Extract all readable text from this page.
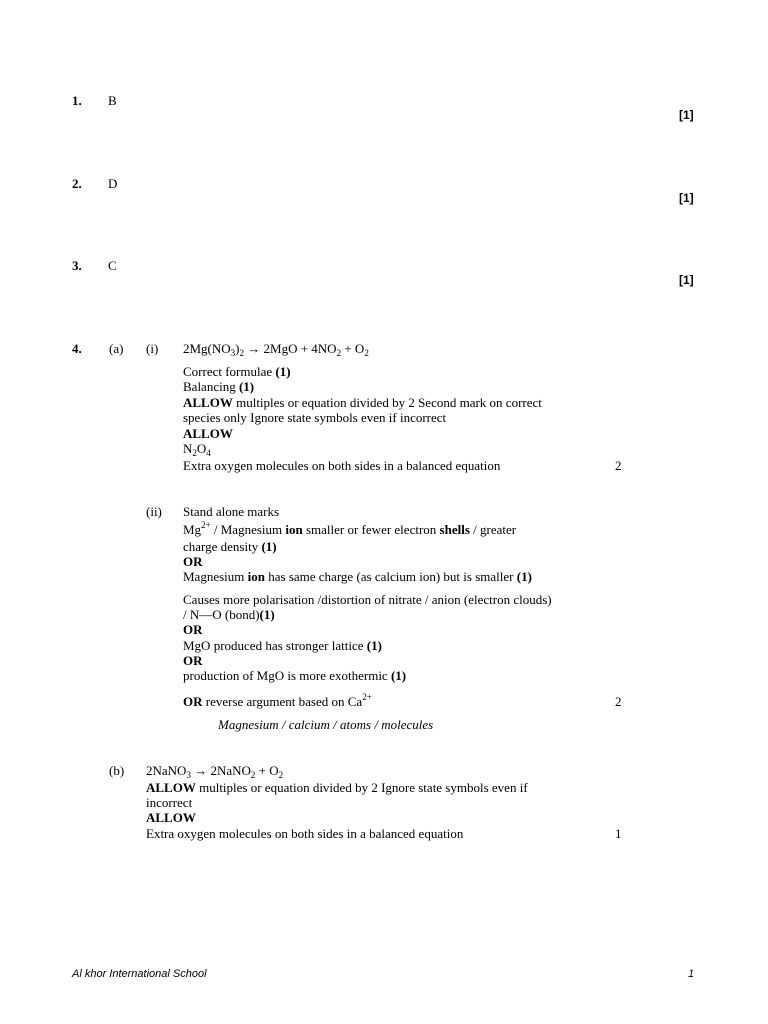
1. B
[1]
2. D
[1]
3. C
[1]
4. (a) (i) $2Mg(NO_3)_2 \to 2MgO + 4NO_2 + O_2$
Correct formulae (1)
Balancing (1)
ALLOW multiples or equation divided by 2 Second mark on correct
species only Ignore state symbols even if incorrect
ALLOW
$N_2O_4$
Extra oxygen molecules on both sides in a balanced equation	2
(ii) Stand alone marks
$Mg^{2+}$ / Magnesium ion smaller or fewer electron shells / greater
charge density (1)
OR
Magnesium ion has same charge (as calcium ion) but is smaller (1)
Causes more polarisation /distortion of nitrate / anion (electron clouds)
/ N—O (bond)(1)
OR
MgO produced has stronger lattice (1)
OR
production of MgO is more exothermic (1)
OR reverse argument based on $Ca^{2+}$	2
Magnesium / calcium / atoms / molecules
(b) 2NaNO$_3$ → 2NaNO$_2$ + $O_2$
ALLOW multiples or equation divided by 2 Ignore state symbols even if
incorrect
ALLOW
Extra oxygen molecules on both sides in a balanced equation	1
Al khor International School	1
